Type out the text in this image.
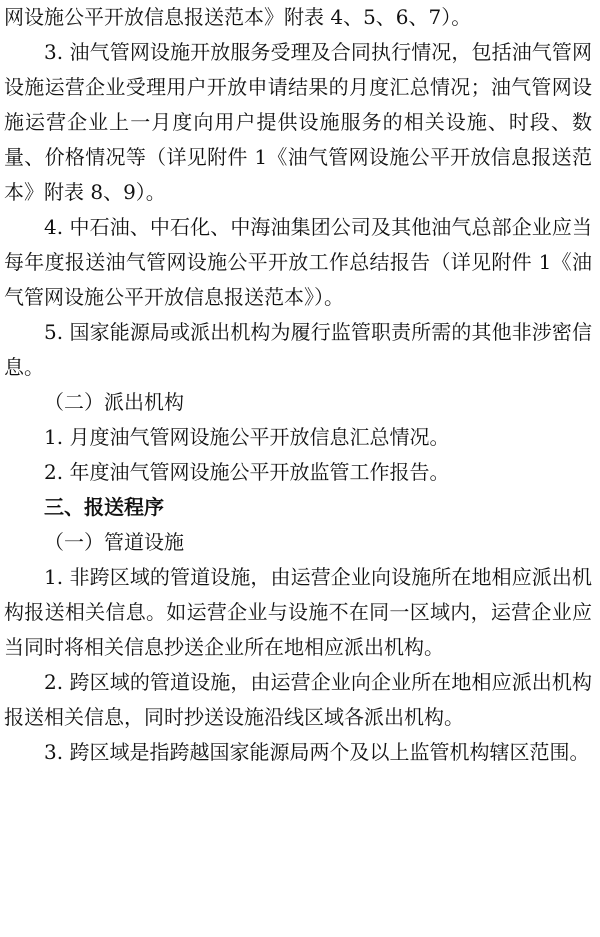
网设施公平开放信息报送范本》附表 4、5、6、7）。

3. 油气管网设施开放服务受理及合同执行情况，包括油气管网设施运营企业受理用户开放申请结果的月度汇总情况；油气管网设施运营企业上一月度向用户提供设施服务的相关设施、时段、数量、价格情况等（详见附件 1《油气管网设施公平开放信息报送范本》附表 8、9）。

4. 中石油、中石化、中海油集团公司及其他油气总部企业应当每年度报送油气管网设施公平开放工作总结报告（详见附件 1《油气管网设施公平开放信息报送范本》）。

5. 国家能源局或派出机构为履行监管职责所需的其他非涉密信息。

（二）派出机构

1. 月度油气管网设施公平开放信息汇总情况。

2. 年度油气管网设施公平开放监管工作报告。

三、报送程序

（一）管道设施

1. 非跨区域的管道设施，由运营企业向设施所在地相应派出机构报送相关信息。如运营企业与设施不在同一区域内，运营企业应当同时将相关信息抄送企业所在地相应派出机构。

2. 跨区域的管道设施，由运营企业向企业所在地相应派出机构报送相关信息，同时抄送设施沿线区域各派出机构。

3. 跨区域是指跨越国家能源局两个及以上监管机构辖区范围。
